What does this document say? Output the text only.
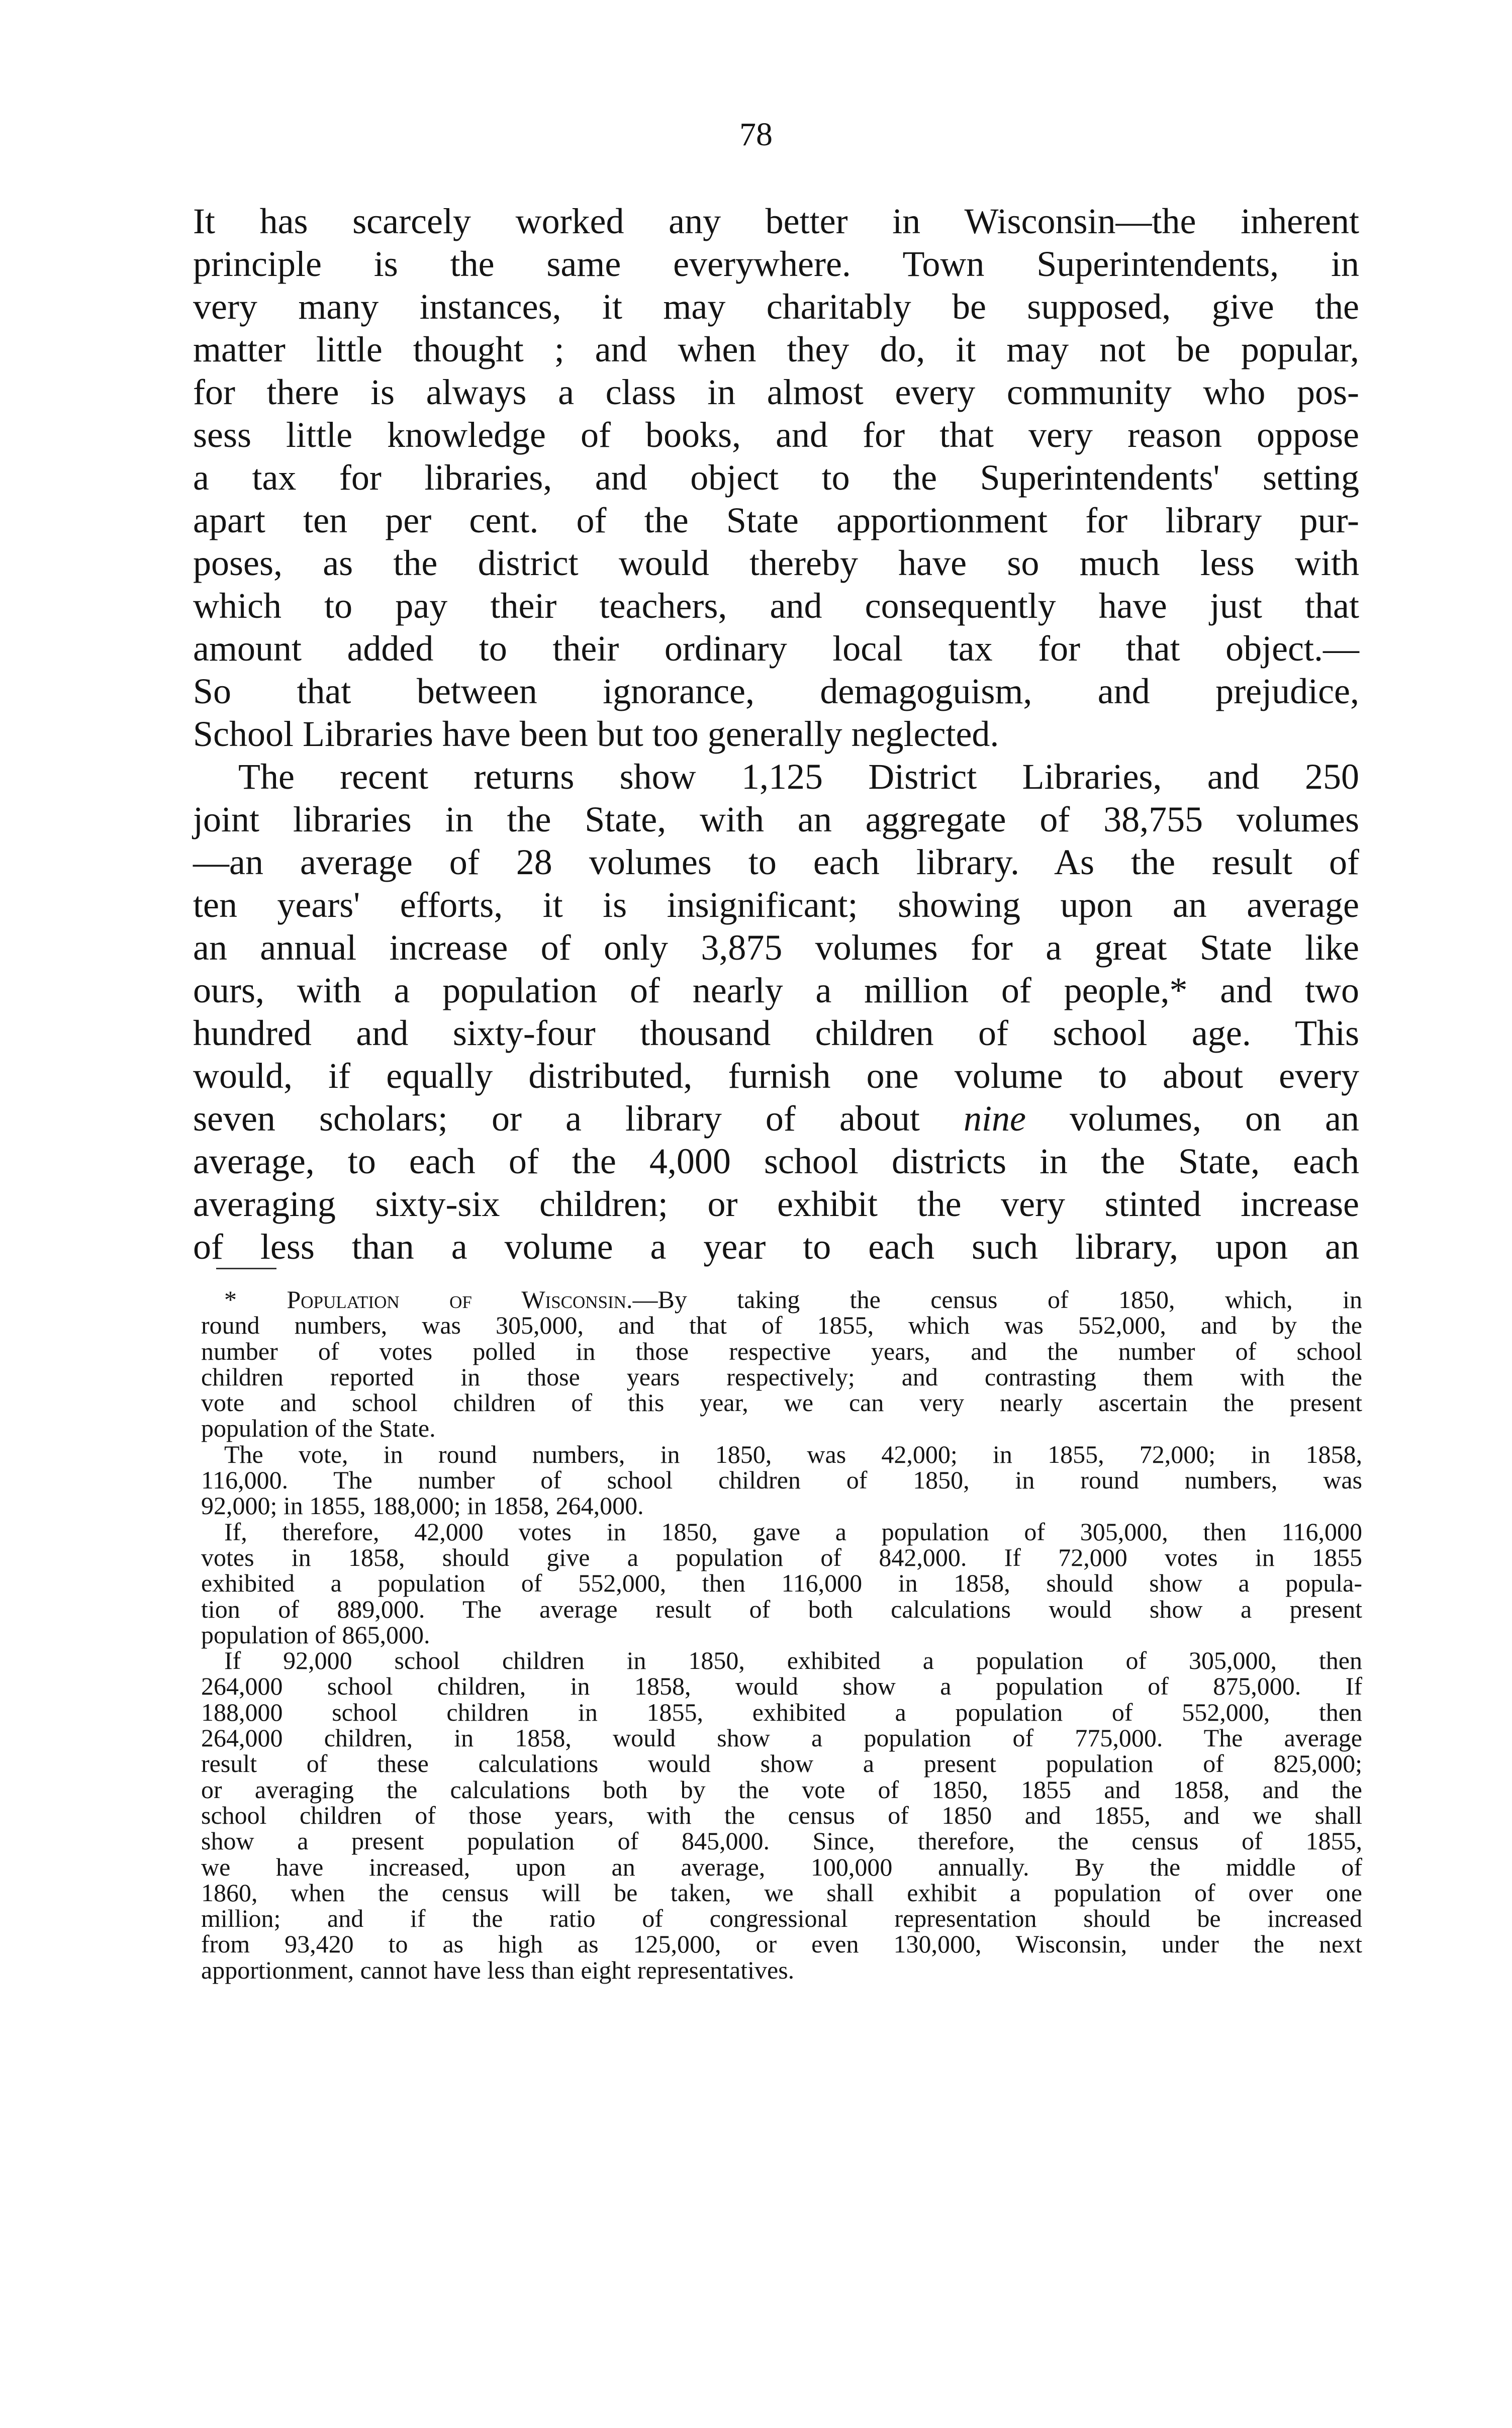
78
It has scarcely worked any better in Wisconsin—the inherent
principle is the same everywhere. Town Superintendents, in
very many instances, it may charitably be supposed, give the
matter little thought ; and when they do, it may not be popular,
for there is always a class in almost every community who pos-
sess little knowledge of books, and for that very reason oppose
a tax for libraries, and object to the Superintendents' setting
apart ten per cent. of the State apportionment for library pur-
poses, as the district would thereby have so much less with
which to pay their teachers, and consequently have just that
amount added to their ordinary local tax for that object.—
So that between ignorance, demagoguism, and prejudice,
School Libraries have been but too generally neglected.
The recent returns show 1,125 District Libraries, and 250
joint libraries in the State, with an aggregate of 38,755 volumes
—an average of 28 volumes to each library. As the result of
ten years' efforts, it is insignificant; showing upon an average
an annual increase of only 3,875 volumes for a great State like
ours, with a population of nearly a million of people,* and two
hundred and sixty-four thousand children of school age. This
would, if equally distributed, furnish one volume to about every
seven scholars; or a library of about nine volumes, on an
average, to each of the 4,000 school districts in the State, each
averaging sixty-six children; or exhibit the very stinted increase
of less than a volume a year to each such library, upon an
* Population of Wisconsin.—By taking the census of 1850, which, in
round numbers, was 305,000, and that of 1855, which was 552,000, and by the
number of votes polled in those respective years, and the number of school
children reported in those years respectively; and contrasting them with the
vote and school children of this year, we can very nearly ascertain the present
population of the State.
The vote, in round numbers, in 1850, was 42,000; in 1855, 72,000; in 1858,
116,000. The number of school children of 1850, in round numbers, was
92,000; in 1855, 188,000; in 1858, 264,000.
If, therefore, 42,000 votes in 1850, gave a population of 305,000, then 116,000
votes in 1858, should give a population of 842,000. If 72,000 votes in 1855
exhibited a population of 552,000, then 116,000 in 1858, should show a popula-
tion of 889,000. The average result of both calculations would show a present
population of 865,000.
If 92,000 school children in 1850, exhibited a population of 305,000, then
264,000 school children, in 1858, would show a population of 875,000. If
188,000 school children in 1855, exhibited a population of 552,000, then
264,000 children, in 1858, would show a population of 775,000. The average
result of these calculations would show a present population of 825,000;
or averaging the calculations both by the vote of 1850, 1855 and 1858, and the
school children of those years, with the census of 1850 and 1855, and we shall
show a present population of 845,000. Since, therefore, the census of 1855,
we have increased, upon an average, 100,000 annually. By the middle of
1860, when the census will be taken, we shall exhibit a population of over one
million; and if the ratio of congressional representation should be increased
from 93,420 to as high as 125,000, or even 130,000, Wisconsin, under the next
apportionment, cannot have less than eight representatives.
